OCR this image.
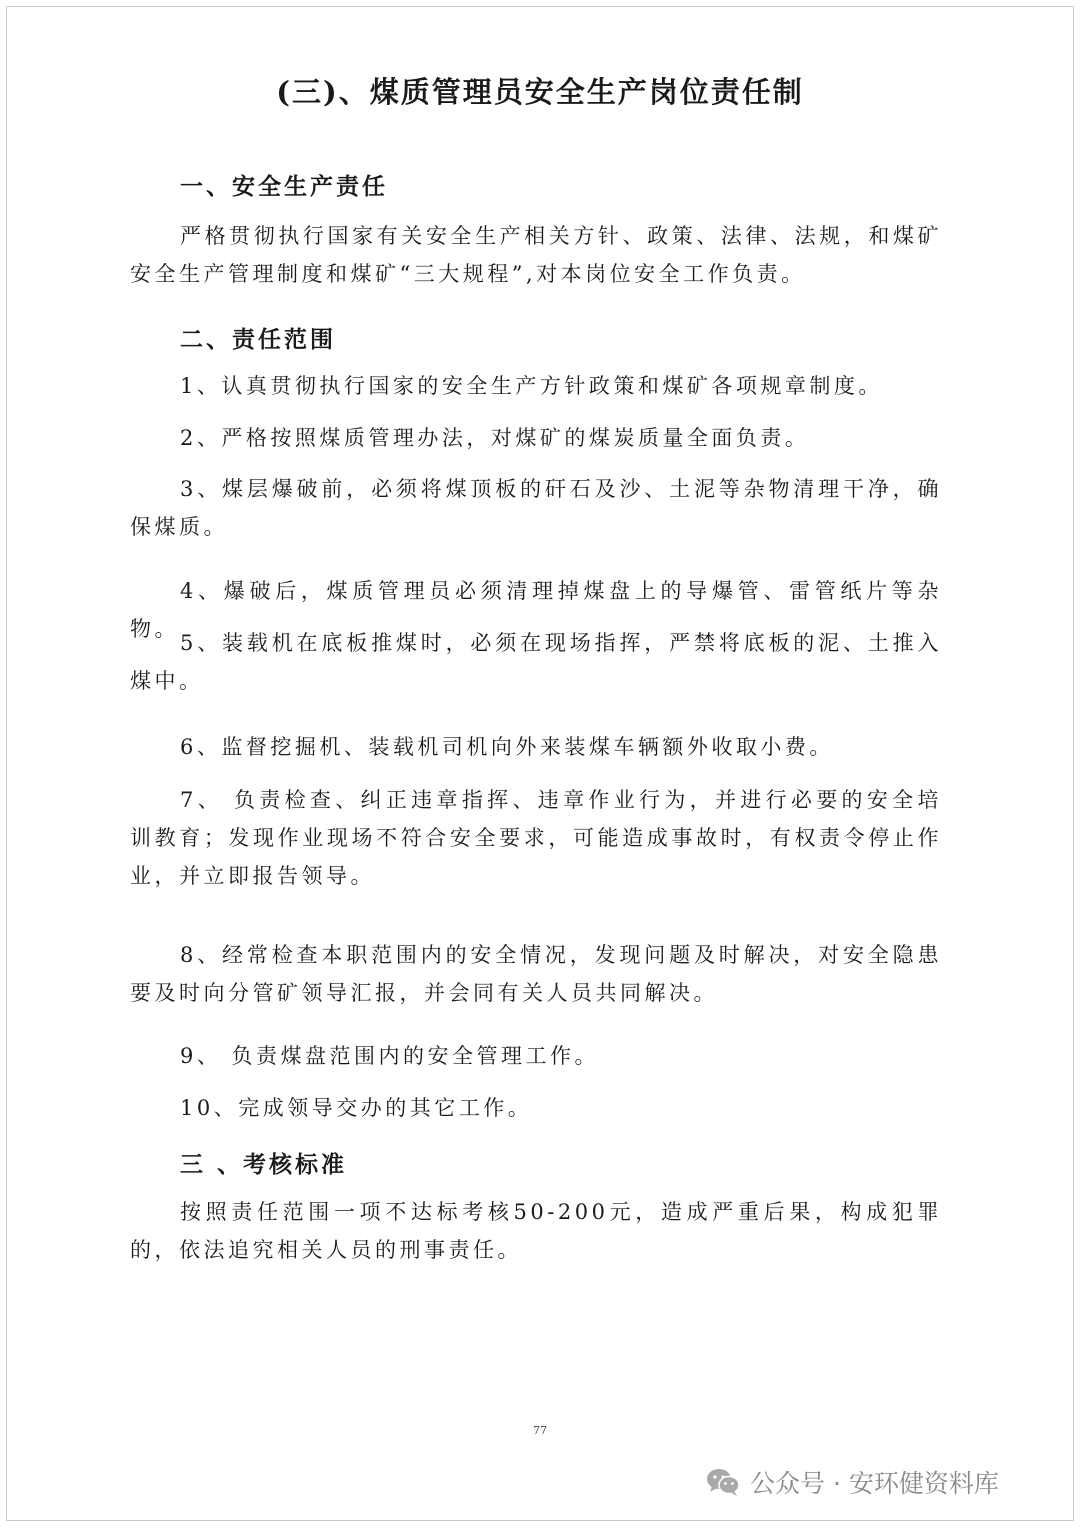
(三)、煤质管理员安全生产岗位责任制
一、安全生产责任

严格贯彻执行国家有关安全生产相关方针、政策、法律、法规，和煤矿安全生产管理制度和煤矿“三大规程”,对本岗位安全工作负责。

二、责任范围

1、认真贯彻执行国家的安全生产方针政策和煤矿各项规章制度。

2、严格按照煤质管理办法，对煤矿的煤炭质量全面负责。

3、煤层爆破前，必须将煤顶板的矸石及沙、土泥等杂物清理干净，确保煤质。

4、爆破后，煤质管理员必须清理掉煤盘上的导爆管、雷管纸片等杂物。

5、装载机在底板推煤时，必须在现场指挥，严禁将底板的泥、土推入煤中。

6、监督挖掘机、装载机司机向外来装煤车辆额外收取小费。

7、 负责检查、纠正违章指挥、违章作业行为，并进行必要的安全培训教育；发现作业现场不符合安全要求，可能造成事故时，有权责令停止作业，并立即报告领导。

8、经常检查本职范围内的安全情况，发现问题及时解决，对安全隐患要及时向分管矿领导汇报，并会同有关人员共同解决。

9、 负责煤盘范围内的安全管理工作。

10、完成领导交办的其它工作。

三 、考核标准

按照责任范围一项不达标考核50-200元，造成严重后果，构成犯罪的，依法追究相关人员的刑事责任。

77
公众号 · 安环健资料库
